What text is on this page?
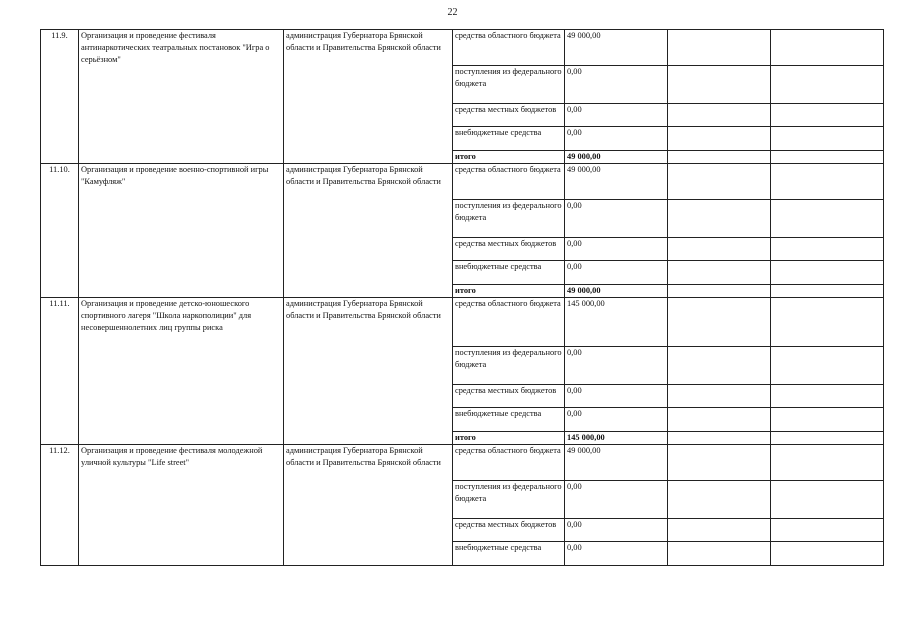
22
11.9.	Организация и проведение фестиваля антинаркотических театральных постановок "Игра о серьёзном"	администрация Губернатора Брянской области и Правительства Брянской области	средства областного бюджета	49 000,00		
			поступления из федерального бюджета	0,00		
			средства местных бюджетов	0,00		
			внебюджетные средства	0,00		
			итого	49 000,00		
11.10.	Организация и проведение военно-спортивной игры "Камуфляж"	администрация Губернатора Брянской области и Правительства Брянской области	средства областного бюджета	49 000,00		
			поступления из федерального бюджета	0,00		
			средства местных бюджетов	0,00		
			внебюджетные средства	0,00		
			итого	49 000,00		
11.11.	Организация и проведение детско-юношеского спортивного лагеря "Школа наркополиции" для несовершеннолетних лиц группы риска	администрация Губернатора Брянской области и Правительства Брянской области	средства областного бюджета	145 000,00		
			поступления из федерального бюджета	0,00		
			средства местных бюджетов	0,00		
			внебюджетные средства	0,00		
			итого	145 000,00		
11.12.	Организация и проведение фестиваля молодежной уличной культуры "Life street"	администрация Губернатора Брянской области и Правительства Брянской области	средства областного бюджета	49 000,00		
			поступления из федерального бюджета	0,00		
			средства местных бюджетов	0,00		
			внебюджетные средства	0,00		
